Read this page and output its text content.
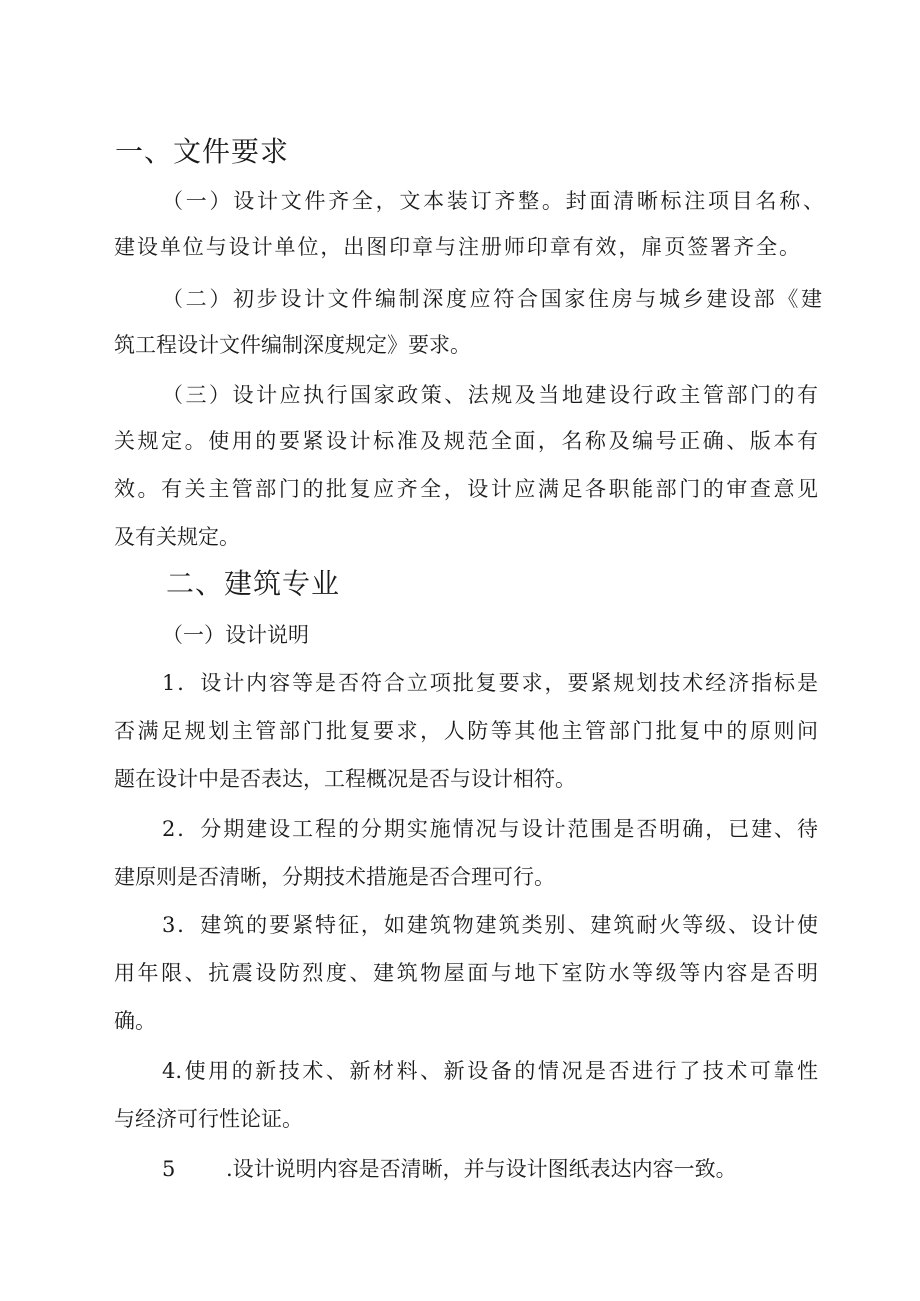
一、文件要求
（一）设计文件齐全，文本装订齐整。封面清晰标注项目名称、
建设单位与设计单位，出图印章与注册师印章有效，扉页签署齐全。
（二）初步设计文件编制深度应符合国家住房与城乡建设部《建
筑工程设计文件编制深度规定》要求。
（三）设计应执行国家政策、法规及当地建设行政主管部门的有
关规定。使用的要紧设计标准及规范全面，名称及编号正确、版本有
效。有关主管部门的批复应齐全，设计应满足各职能部门的审查意见
及有关规定。
二、建筑专业
（一）设计说明
1．设计内容等是否符合立项批复要求，要紧规划技术经济指标是
否满足规划主管部门批复要求，人防等其他主管部门批复中的原则问
题在设计中是否表达，工程概况是否与设计相符。
2．分期建设工程的分期实施情况与设计范围是否明确，已建、待
建原则是否清晰，分期技术措施是否合理可行。
3．建筑的要紧特征，如建筑物建筑类别、建筑耐火等级、设计使
用年限、抗震设防烈度、建筑物屋面与地下室防水等级等内容是否明
确。
4.使用的新技术、新材料、新设备的情况是否进行了技术可靠性
与经济可行性论证。
5 .设计说明内容是否清晰，并与设计图纸表达内容一致。
